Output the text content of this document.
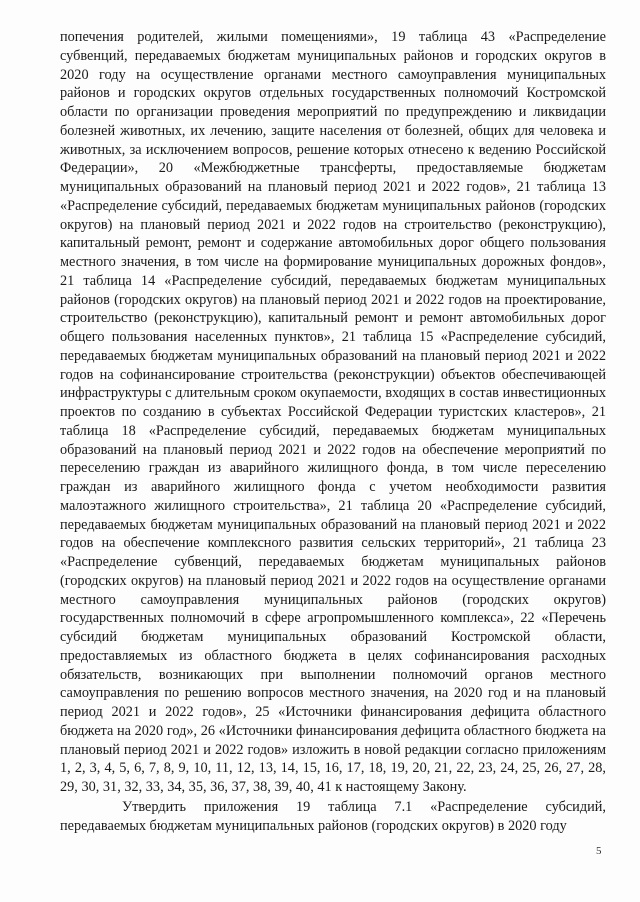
попечения родителей, жилыми помещениями», 19 таблица 43 «Распределение субвенций, передаваемых бюджетам муниципальных районов и городских округов в 2020 году на осуществление органами местного самоуправления муниципальных районов и городских округов отдельных государственных полномочий Костромской области по организации проведения мероприятий по предупреждению и ликвидации болезней животных, их лечению, защите населения от болезней, общих для человека и животных, за исключением вопросов, решение которых отнесено к ведению Российской Федерации», 20 «Межбюджетные трансферты, предоставляемые бюджетам муниципальных образований на плановый период 2021 и 2022 годов», 21 таблица 13 «Распределение субсидий, передаваемых бюджетам муниципальных районов (городских округов) на плановый период 2021 и 2022 годов на строительство (реконструкцию), капитальный ремонт, ремонт и содержание автомобильных дорог общего пользования местного значения, в том числе на формирование муниципальных дорожных фондов», 21 таблица 14 «Распределение субсидий, передаваемых бюджетам муниципальных районов (городских округов) на плановый период 2021 и 2022 годов на проектирование, строительство (реконструкцию), капитальный ремонт и ремонт автомобильных дорог общего пользования населенных пунктов», 21 таблица 15 «Распределение субсидий, передаваемых бюджетам муниципальных образований на плановый период 2021 и 2022 годов на софинансирование строительства (реконструкции) объектов обеспечивающей инфраструктуры с длительным сроком окупаемости, входящих в состав инвестиционных проектов по созданию в субъектах Российской Федерации туристских кластеров», 21 таблица 18 «Распределение субсидий, передаваемых бюджетам муниципальных образований на плановый период 2021 и 2022 годов на обеспечение мероприятий по переселению граждан из аварийного жилищного фонда, в том числе переселению граждан из аварийного жилищного фонда с учетом необходимости развития малоэтажного жилищного строительства», 21 таблица 20 «Распределение субсидий, передаваемых бюджетам муниципальных образований на плановый период 2021 и 2022 годов на обеспечение комплексного развития сельских территорий», 21 таблица 23 «Распределение субвенций, передаваемых бюджетам муниципальных районов (городских округов) на плановый период 2021 и 2022 годов на осуществление органами местного самоуправления муниципальных районов (городских округов) государственных полномочий в сфере агропромышленного комплекса», 22 «Перечень субсидий бюджетам муниципальных образований Костромской области, предоставляемых из областного бюджета в целях софинансирования расходных обязательств, возникающих при выполнении полномочий органов местного самоуправления по решению вопросов местного значения, на 2020 год и на плановый период 2021 и 2022 годов», 25 «Источники финансирования дефицита областного бюджета на 2020 год», 26 «Источники финансирования дефицита областного бюджета на плановый период 2021 и 2022 годов» изложить в новой редакции согласно приложениям 1, 2, 3, 4, 5, 6, 7, 8, 9, 10, 11, 12, 13, 14, 15, 16, 17, 18, 19, 20, 21, 22, 23, 24, 25, 26, 27, 28, 29, 30, 31, 32, 33, 34, 35, 36, 37, 38, 39, 40, 41 к настоящему Закону.

Утвердить приложения 19 таблица 7.1 «Распределение субсидий, передаваемых бюджетам муниципальных районов (городских округов) в 2020 году

5
